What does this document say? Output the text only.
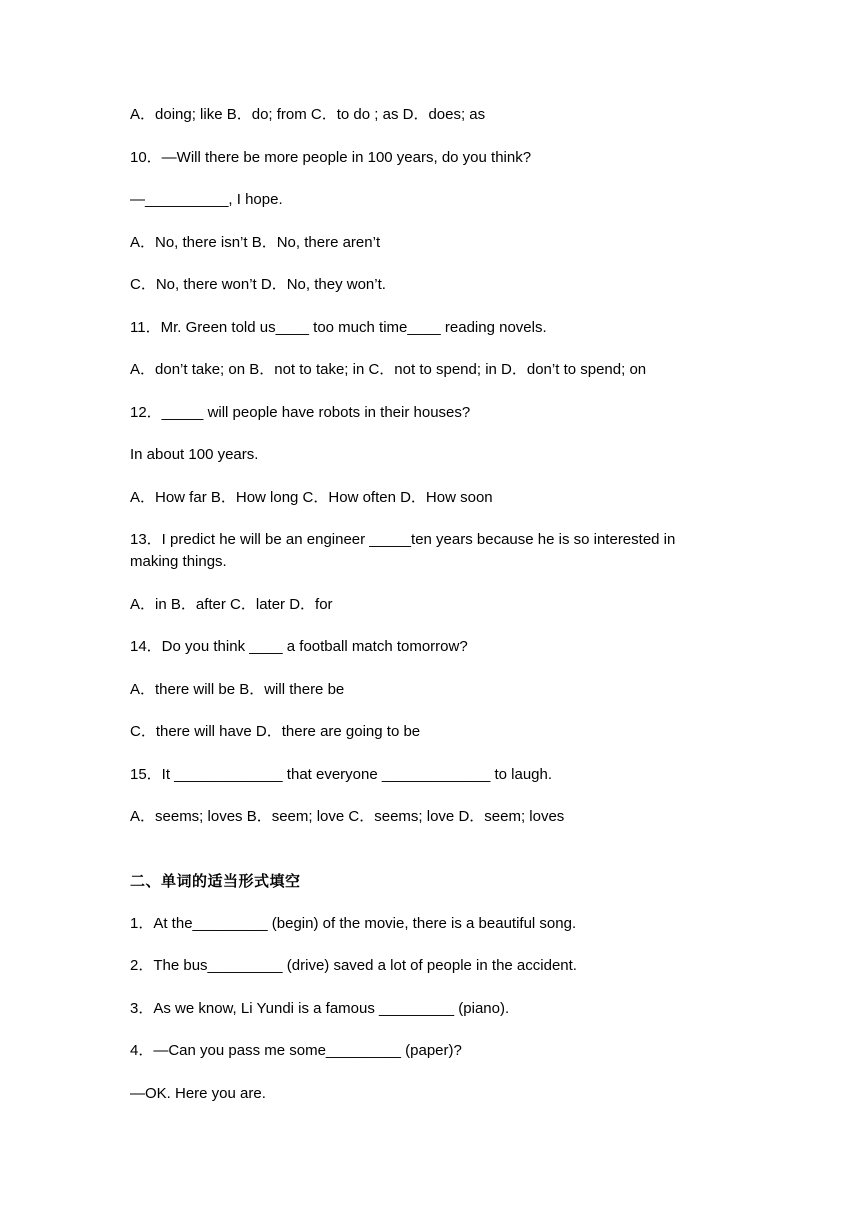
A．doing; like B．do; from C．to do ; as D．does; as

10．—Will there be more people in 100 years, do you think?

—__________, I hope.

A．No, there isn’t B．No, there aren’t

C．No, there won’t D．No, they won’t.

11．Mr. Green told us____ too much time____ reading novels.

A．don’t take; on B．not to take; in C．not to spend; in D．don’t to spend; on

12．_____ will people have robots in their houses?

In about 100 years.

A．How far B．How long C．How often D．How soon

13．I predict he will be an engineer _____ten years because he is so interested in making things.

A．in B．after C．later D．for

14．Do you think ____ a football match tomorrow?

A．there will be B．will there be

C．there will have D．there are going to be

15．It _____________ that everyone _____________ to laugh.

A．seems; loves B．seem; love C．seems; love D．seem; loves

二、单词的适当形式填空

1．At the_________ (begin) of the movie, there is a beautiful song.

2．The bus_________ (drive) saved a lot of people in the accident.

3．As we know, Li Yundi is a famous _________ (piano).

4．—Can you pass me some_________ (paper)?

—OK. Here you are.
